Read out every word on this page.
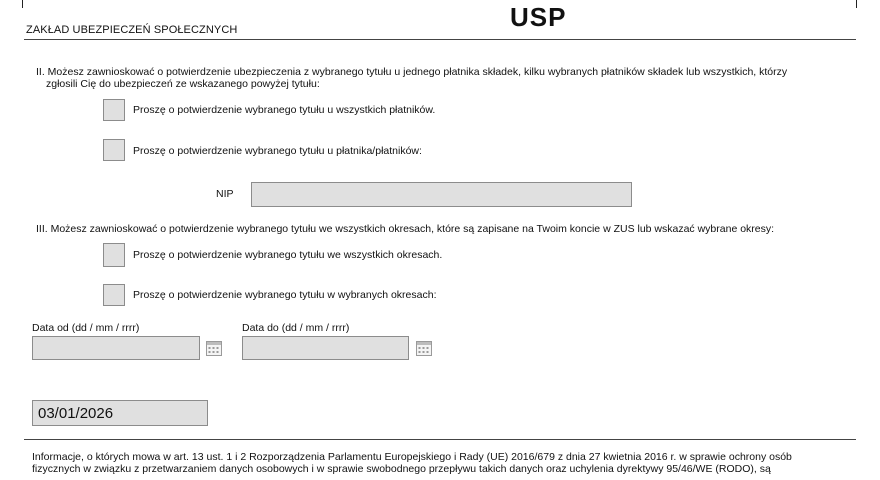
ZAKŁAD UBEZPIECZEŃ SPOŁECZNYCH	USP
II. Możesz zawnioskować o potwierdzenie ubezpieczenia z wybranego tytułu u jednego płatnika składek, kilku wybranych płatników składek lub wszystkich, którzy
zgłosili Cię do ubezpieczeń ze wskazanego powyżej tytułu:
Proszę o potwierdzenie wybranego tytułu u wszystkich płatników.
Proszę o potwierdzenie wybranego tytułu u płatnika/płatników:
NIP
III. Możesz zawnioskować o potwierdzenie wybranego tytułu we wszystkich okresach, które są zapisane na Twoim koncie w ZUS lub wskazać wybrane okresy:
Proszę o potwierdzenie wybranego tytułu we wszystkich okresach.
Proszę o potwierdzenie wybranego tytułu w wybranych okresach:
Data od (dd / mm / rrrr)	Data do (dd / mm / rrrr)
03/01/2026
Informacje, o których mowa w art. 13 ust. 1 i 2 Rozporządzenia Parlamentu Europejskiego i Rady (UE) 2016/679 z dnia 27 kwietnia 2016 r. w sprawie ochrony osób
fizycznych w związku z przetwarzaniem danych osobowych i w sprawie swobodnego przepływu takich danych oraz uchylenia dyrektywy 95/46/WE (RODO), są
